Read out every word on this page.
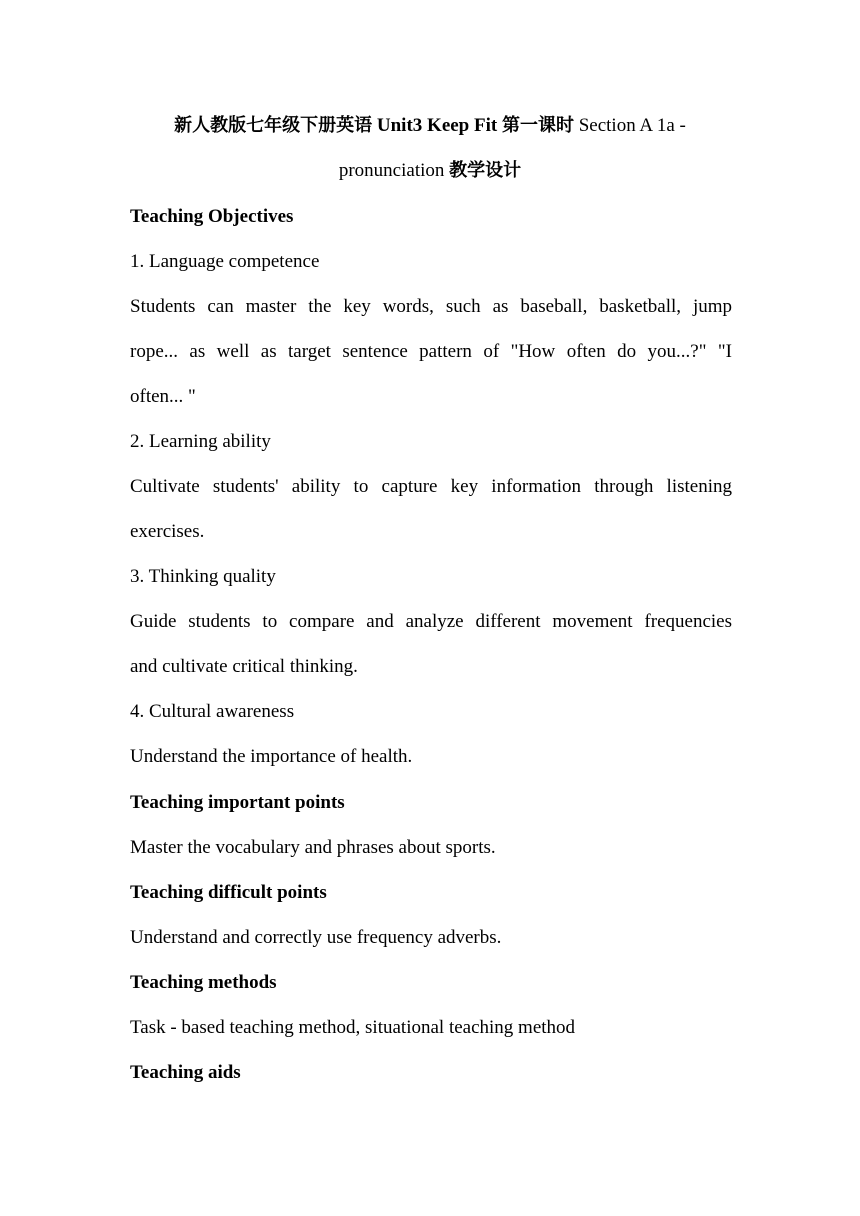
新人教版七年级下册英语 Unit3 Keep Fit 第一课时 Section A 1a -
pronunciation 教学设计
Teaching Objectives
1. Language competence
Students can master the key words, such as baseball, basketball, jump
rope... as well as target sentence pattern of "How often do you...?" "I
often... "
2. Learning ability
Cultivate students' ability to capture key information through listening
exercises.
3. Thinking quality
Guide students to compare and analyze different movement frequencies
and cultivate critical thinking.
4. Cultural awareness
Understand the importance of health.
Teaching important points
Master the vocabulary and phrases about sports.
Teaching difficult points
Understand and correctly use frequency adverbs.
Teaching methods
Task - based teaching method, situational teaching method
Teaching aids
